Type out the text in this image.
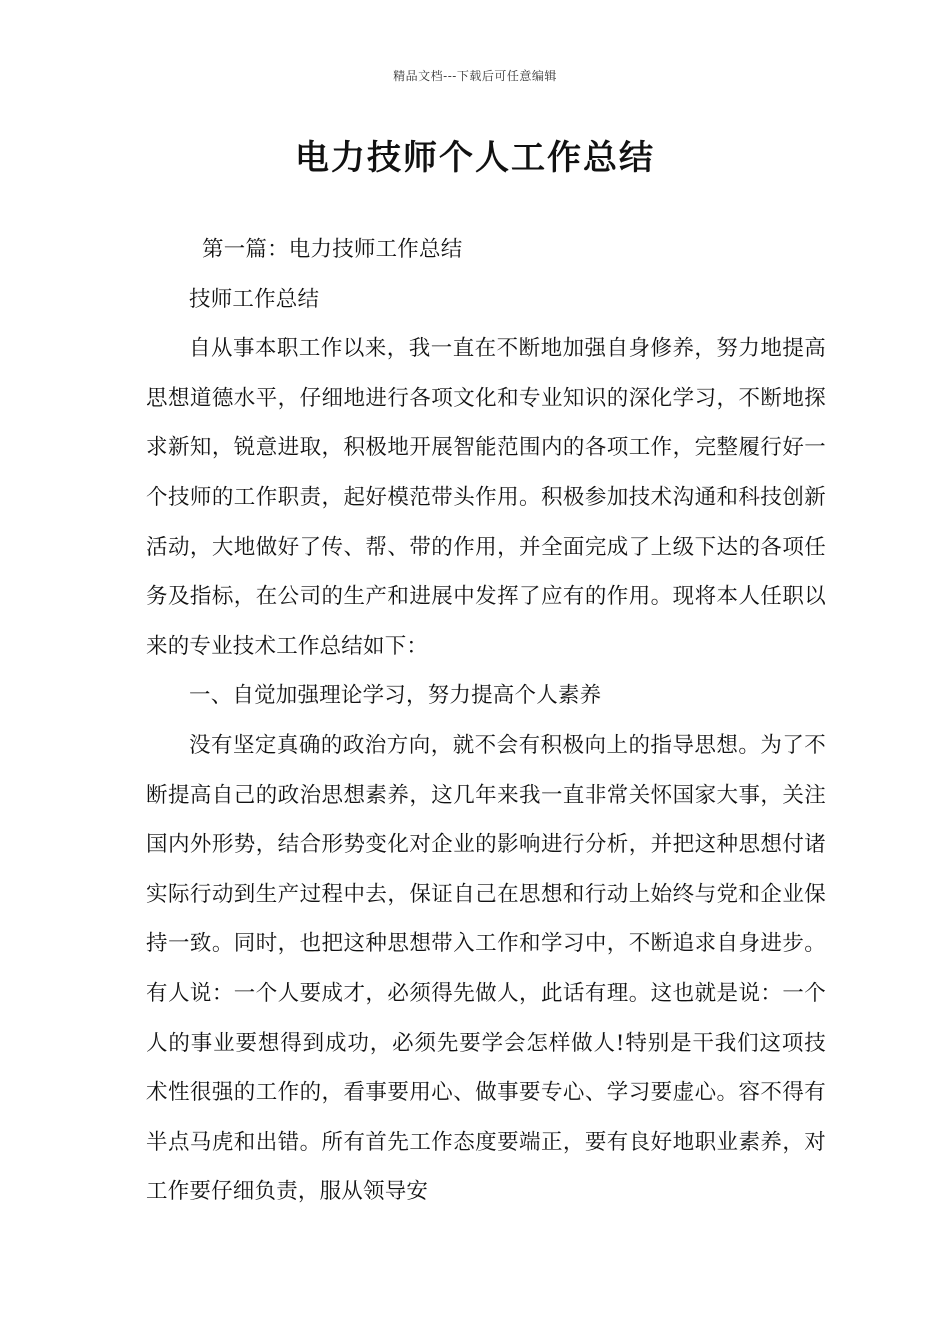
精品文档---下载后可任意编辑
电力技师个人工作总结

第一篇：电力技师工作总结

技师工作总结

自从事本职工作以来，我一直在不断地加强自身修养，努力地提高思想道德水平，仔细地进行各项文化和专业知识的深化学习，不断地探求新知，锐意进取，积极地开展智能范围内的各项工作，完整履行好一个技师的工作职责，起好模范带头作用。积极参加技术沟通和科技创新活动，大地做好了传、帮、带的作用，并全面完成了上级下达的各项任务及指标，在公司的生产和进展中发挥了应有的作用。现将本人任职以来的专业技术工作总结如下：

一、自觉加强理论学习，努力提高个人素养

没有坚定真确的政治方向，就不会有积极向上的指导思想。为了不断提高自己的政治思想素养，这几年来我一直非常关怀国家大事，关注国内外形势，结合形势变化对企业的影响进行分析，并把这种思想付诸实际行动到生产过程中去，保证自己在思想和行动上始终与党和企业保持一致。同时，也把这种思想带入工作和学习中，不断追求自身进步。有人说：一个人要成才，必须得先做人，此话有理。这也就是说：一个人的事业要想得到成功，必须先要学会怎样做人!特别是干我们这项技术性很强的工作的，看事要用心、做事要专心、学习要虚心。容不得有半点马虎和出错。所有首先工作态度要端正，要有良好地职业素养，对工作要仔细负责，服从领导安
